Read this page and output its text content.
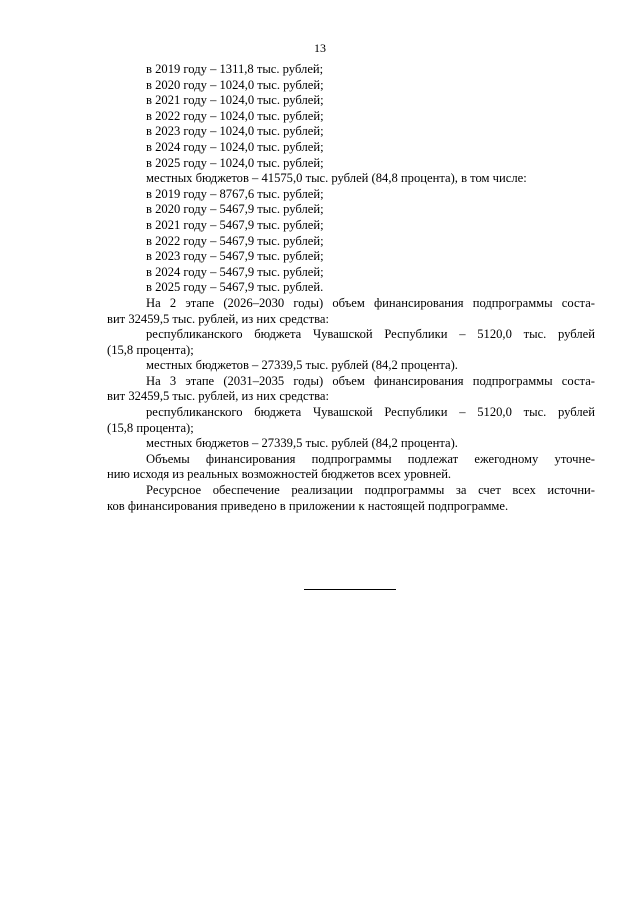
13

в 2019 году – 1311,8 тыс. рублей;

в 2020 году – 1024,0 тыс. рублей;

в 2021 году – 1024,0 тыс. рублей;

в 2022 году – 1024,0 тыс. рублей;

в 2023 году – 1024,0 тыс. рублей;

в 2024 году – 1024,0 тыс. рублей;

в 2025 году – 1024,0 тыс. рублей;

местных бюджетов – 41575,0 тыс. рублей (84,8 процента), в том числе:

в 2019 году – 8767,6 тыс. рублей;

в 2020 году – 5467,9 тыс. рублей;

в 2021 году – 5467,9 тыс. рублей;

в 2022 году – 5467,9 тыс. рублей;

в 2023 году – 5467,9 тыс. рублей;

в 2024 году – 5467,9 тыс. рублей;

в 2025 году – 5467,9 тыс. рублей.

На 2 этапе (2026–2030 годы) объем финансирования подпрограммы соста-
вит 32459,5 тыс. рублей, из них средства:
республиканского бюджета Чувашской Республики – 5120,0 тыс. рублей
(15,8 процента);
местных бюджетов – 27339,5 тыс. рублей (84,2 процента).
На 3 этапе (2031–2035 годы) объем финансирования подпрограммы соста-
вит 32459,5 тыс. рублей, из них средства:
республиканского бюджета Чувашской Республики – 5120,0 тыс. рублей
(15,8 процента);
местных бюджетов – 27339,5 тыс. рублей (84,2 процента).
Объемы финансирования подпрограммы подлежат ежегодному уточне-
нию исходя из реальных возможностей бюджетов всех уровней.
Ресурсное обеспечение реализации подпрограммы за счет всех источни-
ков финансирования приведено в приложении к настоящей подпрограмме.
